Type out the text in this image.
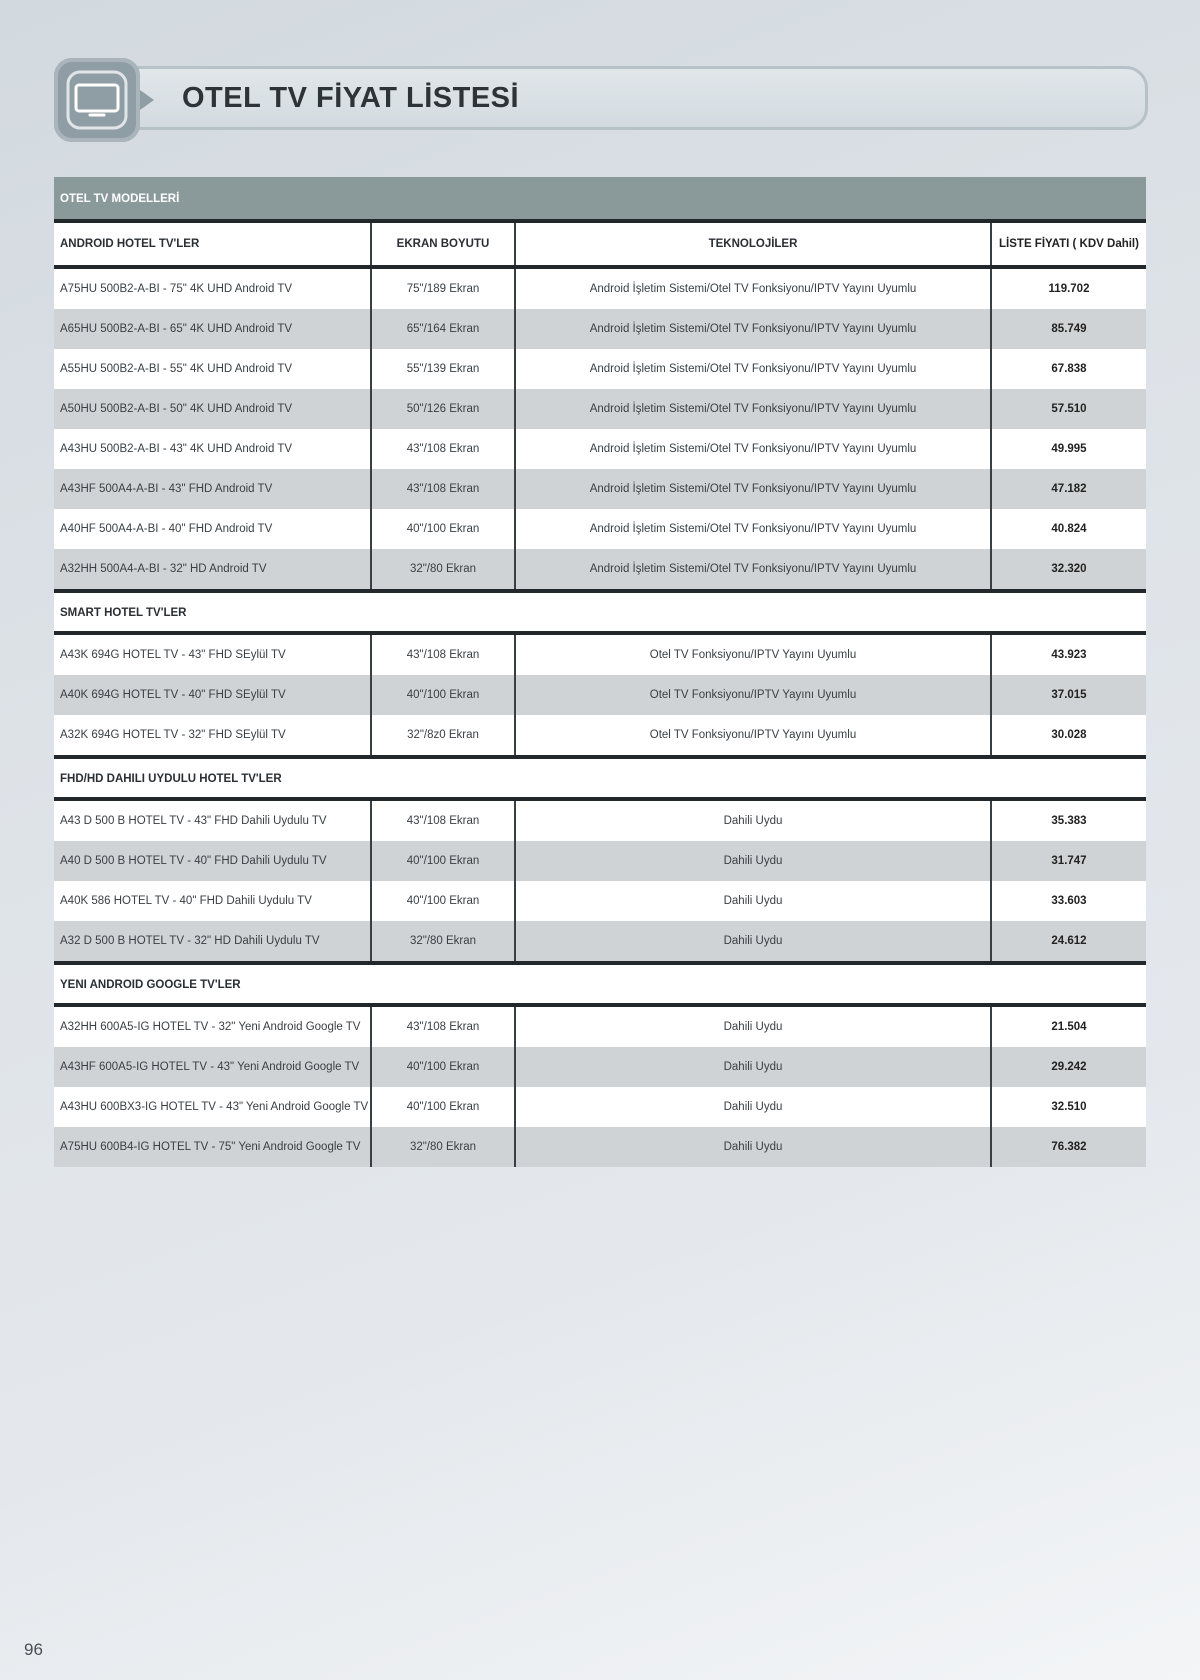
OTEL TV FİYAT LİSTESİ
OTEL TV MODELLERİ
ANDROID HOTEL TV'LER	EKRAN BOYUTU	TEKNOLOJİLER	LİSTE FİYATI ( KDV Dahil)
A75HU 500B2-A-BI - 75" 4K UHD Android TV	75"/189 Ekran	Android İşletim Sistemi/Otel TV Fonksiyonu/IPTV Yayını Uyumlu	119.702
A65HU 500B2-A-BI - 65" 4K UHD Android TV	65"/164 Ekran	Android İşletim Sistemi/Otel TV Fonksiyonu/IPTV Yayını Uyumlu	85.749
A55HU 500B2-A-BI - 55" 4K UHD Android TV	55"/139 Ekran	Android İşletim Sistemi/Otel TV Fonksiyonu/IPTV Yayını Uyumlu	67.838
A50HU 500B2-A-BI - 50" 4K UHD Android TV	50"/126 Ekran	Android İşletim Sistemi/Otel TV Fonksiyonu/IPTV Yayını Uyumlu	57.510
A43HU 500B2-A-BI - 43" 4K UHD Android TV	43"/108 Ekran	Android İşletim Sistemi/Otel TV Fonksiyonu/IPTV Yayını Uyumlu	49.995
A43HF 500A4-A-BI - 43" FHD Android TV	43"/108 Ekran	Android İşletim Sistemi/Otel TV Fonksiyonu/IPTV Yayını Uyumlu	47.182
A40HF 500A4-A-BI - 40" FHD Android TV	40"/100 Ekran	Android İşletim Sistemi/Otel TV Fonksiyonu/IPTV Yayını Uyumlu	40.824
A32HH 500A4-A-BI - 32" HD Android TV	32"/80 Ekran	Android İşletim Sistemi/Otel TV Fonksiyonu/IPTV Yayını Uyumlu	32.320
SMART HOTEL TV'LER
A43K 694G HOTEL TV - 43" FHD SEylül TV	43"/108 Ekran	Otel TV Fonksiyonu/IPTV Yayını Uyumlu	43.923
A40K 694G HOTEL TV - 40" FHD SEylül TV	40"/100 Ekran	Otel TV Fonksiyonu/IPTV Yayını Uyumlu	37.015
A32K 694G HOTEL TV - 32" FHD SEylül TV	32"/8z0 Ekran	Otel TV Fonksiyonu/IPTV Yayını Uyumlu	30.028
FHD/HD DAHILI UYDULU HOTEL TV'LER
A43 D 500 B HOTEL TV - 43" FHD Dahili Uydulu TV	43"/108 Ekran	Dahili Uydu	35.383
A40 D 500 B HOTEL TV - 40" FHD Dahili Uydulu TV	40"/100 Ekran	Dahili Uydu	31.747
A40K 586 HOTEL TV - 40" FHD Dahili Uydulu TV	40"/100 Ekran	Dahili Uydu	33.603
A32 D 500 B HOTEL TV - 32" HD Dahili Uydulu TV	32"/80 Ekran	Dahili Uydu	24.612
YENI ANDROID GOOGLE TV'LER
A32HH 600A5-IG HOTEL TV - 32" Yeni Android Google TV	43"/108 Ekran	Dahili Uydu	21.504
A43HF 600A5-IG HOTEL TV - 43" Yeni Android Google TV	40"/100 Ekran	Dahili Uydu	29.242
A43HU 600BX3-IG HOTEL TV - 43" Yeni Android Google TV	40"/100 Ekran	Dahili Uydu	32.510
A75HU 600B4-IG HOTEL TV - 75" Yeni Android Google TV	32"/80 Ekran	Dahili Uydu	76.382
96
